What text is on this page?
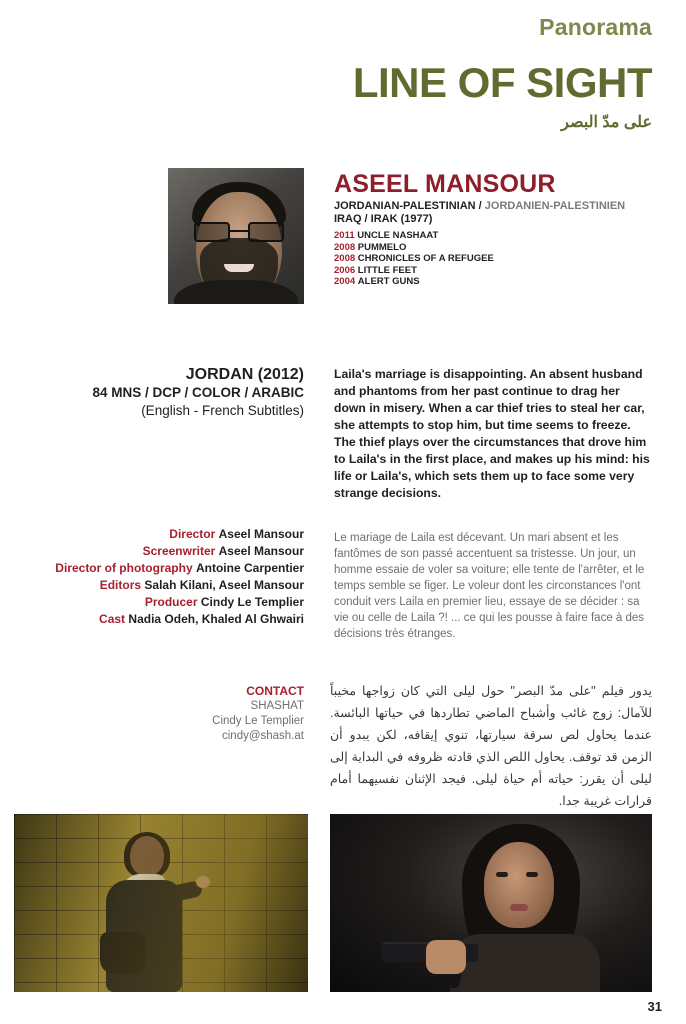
Panorama
LINE OF SIGHT
على مدّ البصر
ASEEL MANSOUR
JORDANIAN-PALESTINIAN / JORDANIEN-PALESTINIEN
IRAQ / IRAK (1977)
2011 UNCLE NASHAAT
2008 PUMMELO
2008 CHRONICLES OF A REFUGEE
2006 LITTLE FEET
2004 ALERT GUNS
JORDAN (2012)
84 MNS / DCP / COLOR / ARABIC
(English - French Subtitles)
Laila's marriage is disappointing. An absent husband and phantoms from her past continue to drag her down in misery. When a car thief tries to steal her car, she attempts to stop him, but time seems to freeze. The thief plays over the circumstances that drove him to Laila's in the first place, and makes up his mind: his life or Laila's, which sets them up to face some very strange decisions.
Director Aseel Mansour
Screenwriter Aseel Mansour
Director of photography Antoine Carpentier
Editors Salah Kilani, Aseel Mansour
Producer Cindy Le Templier
Cast Nadia Odeh, Khaled Al Ghwairi
Le mariage de Laila est décevant. Un mari absent et les fantômes de son passé accentuent sa tristesse. Un jour, un homme essaie de voler sa voiture; elle tente de l'arrêter, et le temps semble se figer. Le voleur dont les circonstances l'ont conduit vers Laila en premier lieu, essaye de se décider : sa vie ou celle de Laila ?! ... ce qui les pousse à faire face à des décisions très étranges.
CONTACT
SHASHAT
Cindy Le Templier
cindy@shash.at
يدور فيلم ''على مدّ البصر'' حول ليلى التي كان زواجها مخيباً للآمال: زوج غائب وأشباح الماضي تطاردها في حياتها البائسة. عندما يحاول لص سرقة سيارتها، تنوي إيقافه، لكن يبدو أن الزمن قد توقف. يحاول اللص الذي قادته ظروفه في البداية إلى ليلى أن يقرر: حياته أم حياة ليلى. فيجد الإثنان نفسيهما أمام قرارات غريبة جدا.
31
